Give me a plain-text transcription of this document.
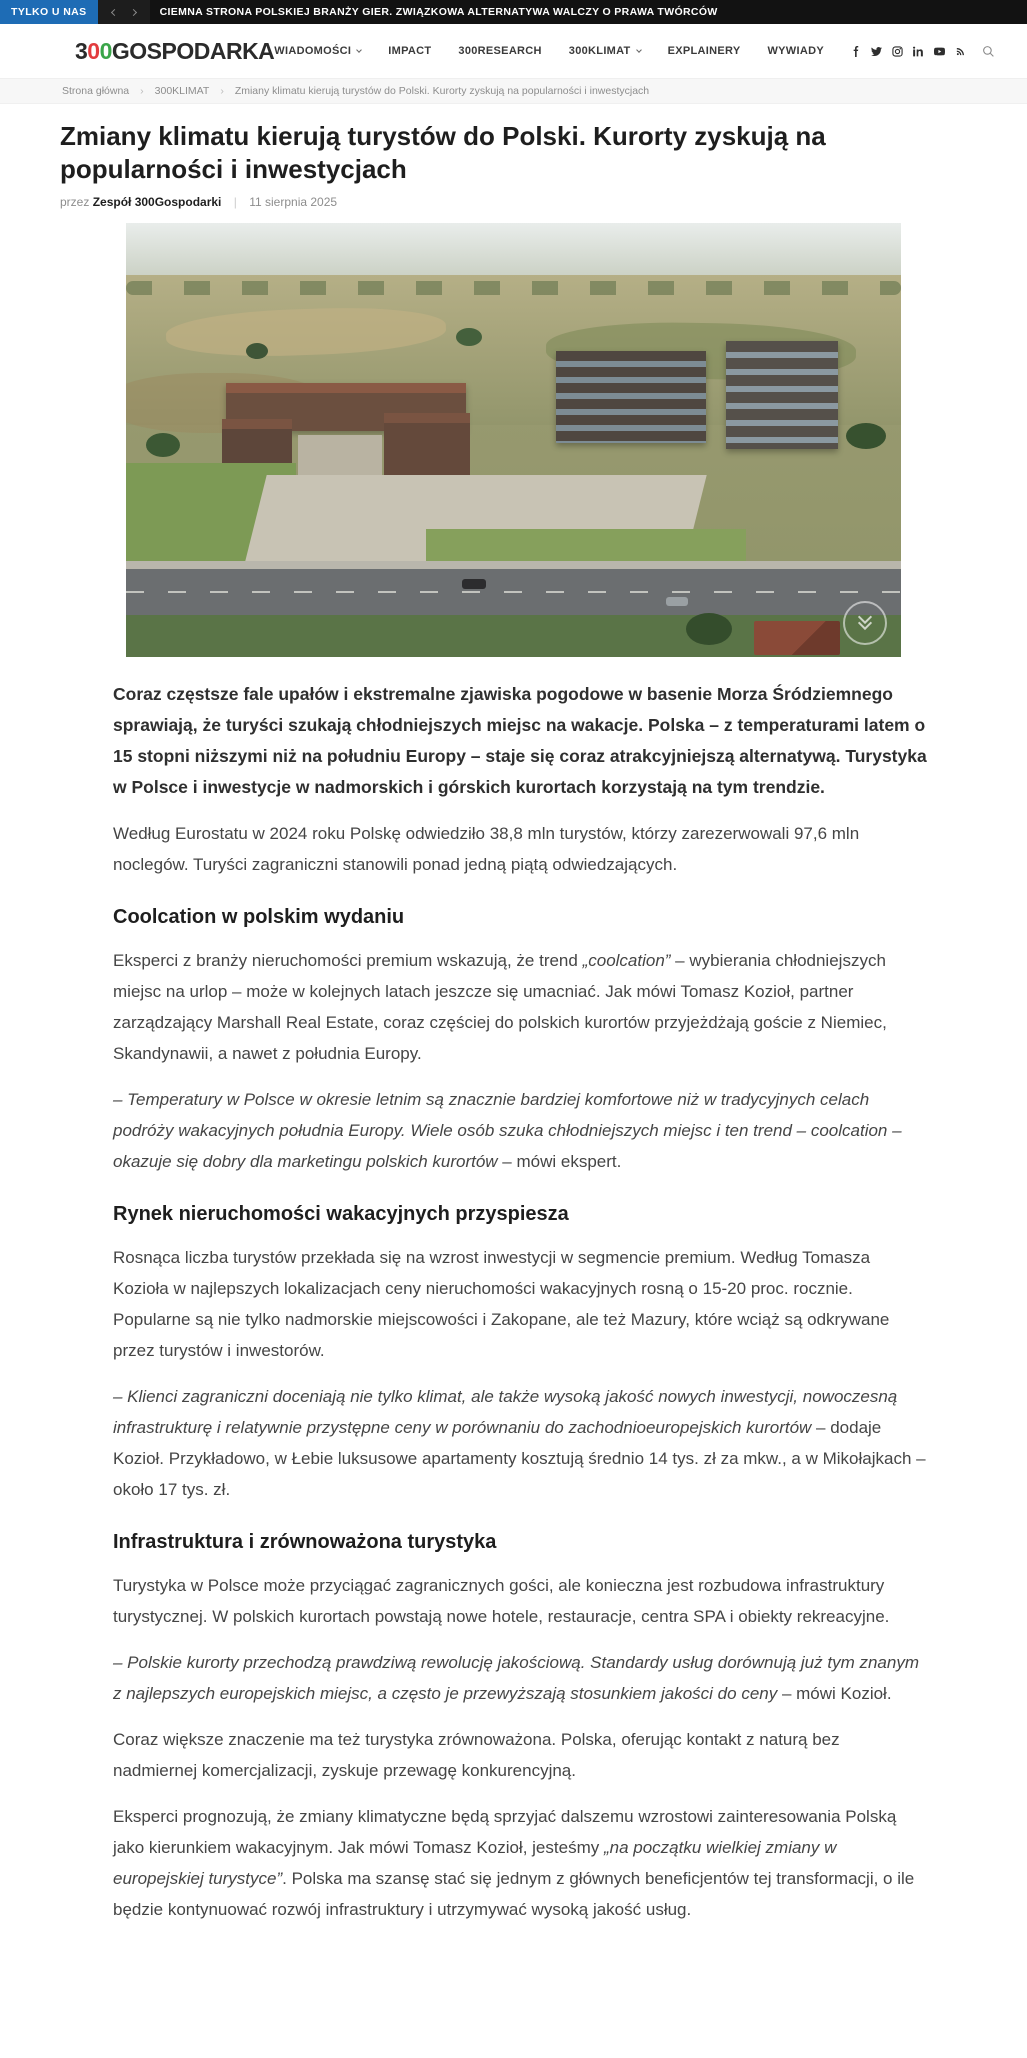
TYLKO U NAS	CIEMNA STRONA POLSKIEJ BRANŻY GIER. ZWIĄZKOWA ALTERNATYWA WALCZY O PRAWA TWÓRCÓW
300GOSPODARKA WIADOMOŚCI	IMPACT 300RESEARCH 300KLIMAT	EXPLAINERY WYWIADY
Strona główna › 300KLIMAT › Zmiany klimatu kierują turystów do Polski. Kurorty zyskują na popularności i inwestycjach
Zmiany klimatu kierują turystów do Polski. Kurorty zyskują na popularności i inwestycjach
przez Zespół 300Gospodarki | 11 sierpnia 2025

Coraz częstsze fale upałów i ekstremalne zjawiska pogodowe w basenie Morza Śródziemnego sprawiają, że turyści szukają chłodniejszych miejsc na wakacje. Polska – z temperaturami latem o 15 stopni niższymi niż na południu Europy – staje się coraz atrakcyjniejszą alternatywą. Turystyka w Polsce i inwestycje w nadmorskich i górskich kurortach korzystają na tym trendzie.

Według Eurostatu w 2024 roku Polskę odwiedziło 38,8 mln turystów, którzy zarezerwowali 97,6 mln noclegów. Turyści zagraniczni stanowili ponad jedną piątą odwiedzających.

Coolcation w polskim wydaniu

Eksperci z branży nieruchomości premium wskazują, że trend „coolcation” – wybierania chłodniejszych miejsc na urlop – może w kolejnych latach jeszcze się umacniać. Jak mówi Tomasz Kozioł, partner zarządzający Marshall Real Estate, coraz częściej do polskich kurortów przyjeżdżają goście z Niemiec, Skandynawii, a nawet z południa Europy.

– Temperatury w Polsce w okresie letnim są znacznie bardziej komfortowe niż w tradycyjnych celach podróży wakacyjnych południa Europy. Wiele osób szuka chłodniejszych miejsc i ten trend – coolcation – okazuje się dobry dla marketingu polskich kurortów – mówi ekspert.

Rynek nieruchomości wakacyjnych przyspiesza

Rosnąca liczba turystów przekłada się na wzrost inwestycji w segmencie premium. Według Tomasza Kozioła w najlepszych lokalizacjach ceny nieruchomości wakacyjnych rosną o 15-20 proc. rocznie. Popularne są nie tylko nadmorskie miejscowości i Zakopane, ale też Mazury, które wciąż są odkrywane przez turystów i inwestorów.

– Klienci zagraniczni doceniają nie tylko klimat, ale także wysoką jakość nowych inwestycji, nowoczesną infrastrukturę i relatywnie przystępne ceny w porównaniu do zachodnioeuropejskich kurortów – dodaje Kozioł. Przykładowo, w Łebie luksusowe apartamenty kosztują średnio 14 tys. zł za mkw., a w Mikołajkach – około 17 tys. zł.

Infrastruktura i zrównoważona turystyka

Turystyka w Polsce może przyciągać zagranicznych gości, ale konieczna jest rozbudowa infrastruktury turystycznej. W polskich kurortach powstają nowe hotele, restauracje, centra SPA i obiekty rekreacyjne.

– Polskie kurorty przechodzą prawdziwą rewolucję jakościową. Standardy usług dorównują już tym znanym z najlepszych europejskich miejsc, a często je przewyższają stosunkiem jakości do ceny – mówi Kozioł.

Coraz większe znaczenie ma też turystyka zrównoważona. Polska, oferując kontakt z naturą bez nadmiernej komercjalizacji, zyskuje przewagę konkurencyjną.

Eksperci prognozują, że zmiany klimatyczne będą sprzyjać dalszemu wzrostowi zainteresowania Polską jako kierunkiem wakacyjnym. Jak mówi Tomasz Kozioł, jesteśmy „na początku wielkiej zmiany w europejskiej turystyce”. Polska ma szansę stać się jednym z głównych beneficjentów tej transformacji, o ile będzie kontynuować rozwój infrastruktury i utrzymywać wysoką jakość usług.
